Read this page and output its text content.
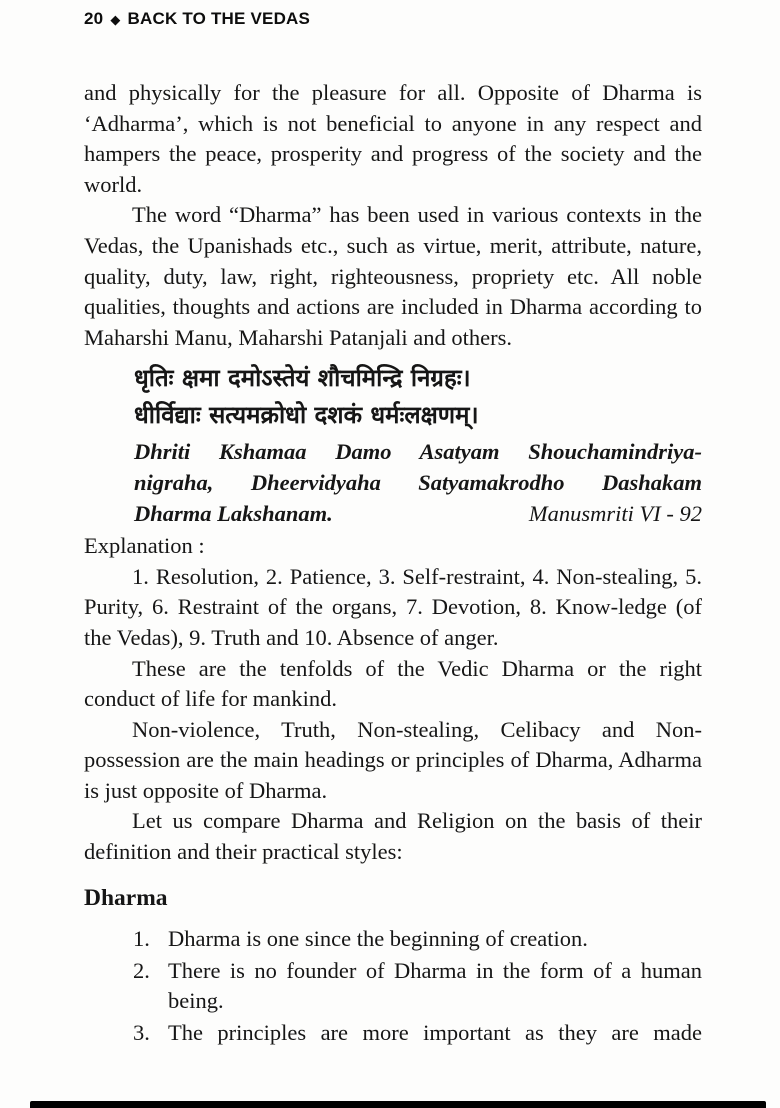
20 ◆ BACK TO THE VEDAS

and physically for the pleasure for all. Opposite of Dharma is ‘Adharma’, which is not beneficial to anyone in any respect and hampers the peace, prosperity and progress of the society and the world.

The word “Dharma” has been used in various contexts in the Vedas, the Upanishads etc., such as virtue, merit, attribute, nature, quality, duty, law, right, righteousness, propriety etc. All noble qualities, thoughts and actions are included in Dharma according to Maharshi Manu, Maharshi Patanjali and others.

धृतिः क्षमा दमोऽस्तेयं शौचमिन्द्रि निग्रहः।
धीर्विद्याः सत्यमक्रोधो दशकं धर्मःलक्षणम्।
Dhriti Kshamaa Damo Asatyam Shouchamindriya-
nigraha, Dheervidyaha Satyamakrodho Dashakam
Dharma Lakshanam.	Manusmriti VI - 92

Explanation :

1. Resolution, 2. Patience, 3. Self-restraint, 4. Non-stealing, 5. Purity, 6. Restraint of the organs, 7. Devotion, 8. Know-ledge (of the Vedas), 9. Truth and 10. Absence of anger.

These are the tenfolds of the Vedic Dharma or the right conduct of life for mankind.

Non-violence, Truth, Non-stealing, Celibacy and Non-possession are the main headings or principles of Dharma, Adharma is just opposite of Dharma.

Let us compare Dharma and Religion on the basis of their definition and their practical styles:

Dharma
1. Dharma is one since the beginning of creation.
2. There is no founder of Dharma in the form of a human being.
3. The principles are more important as they are made
